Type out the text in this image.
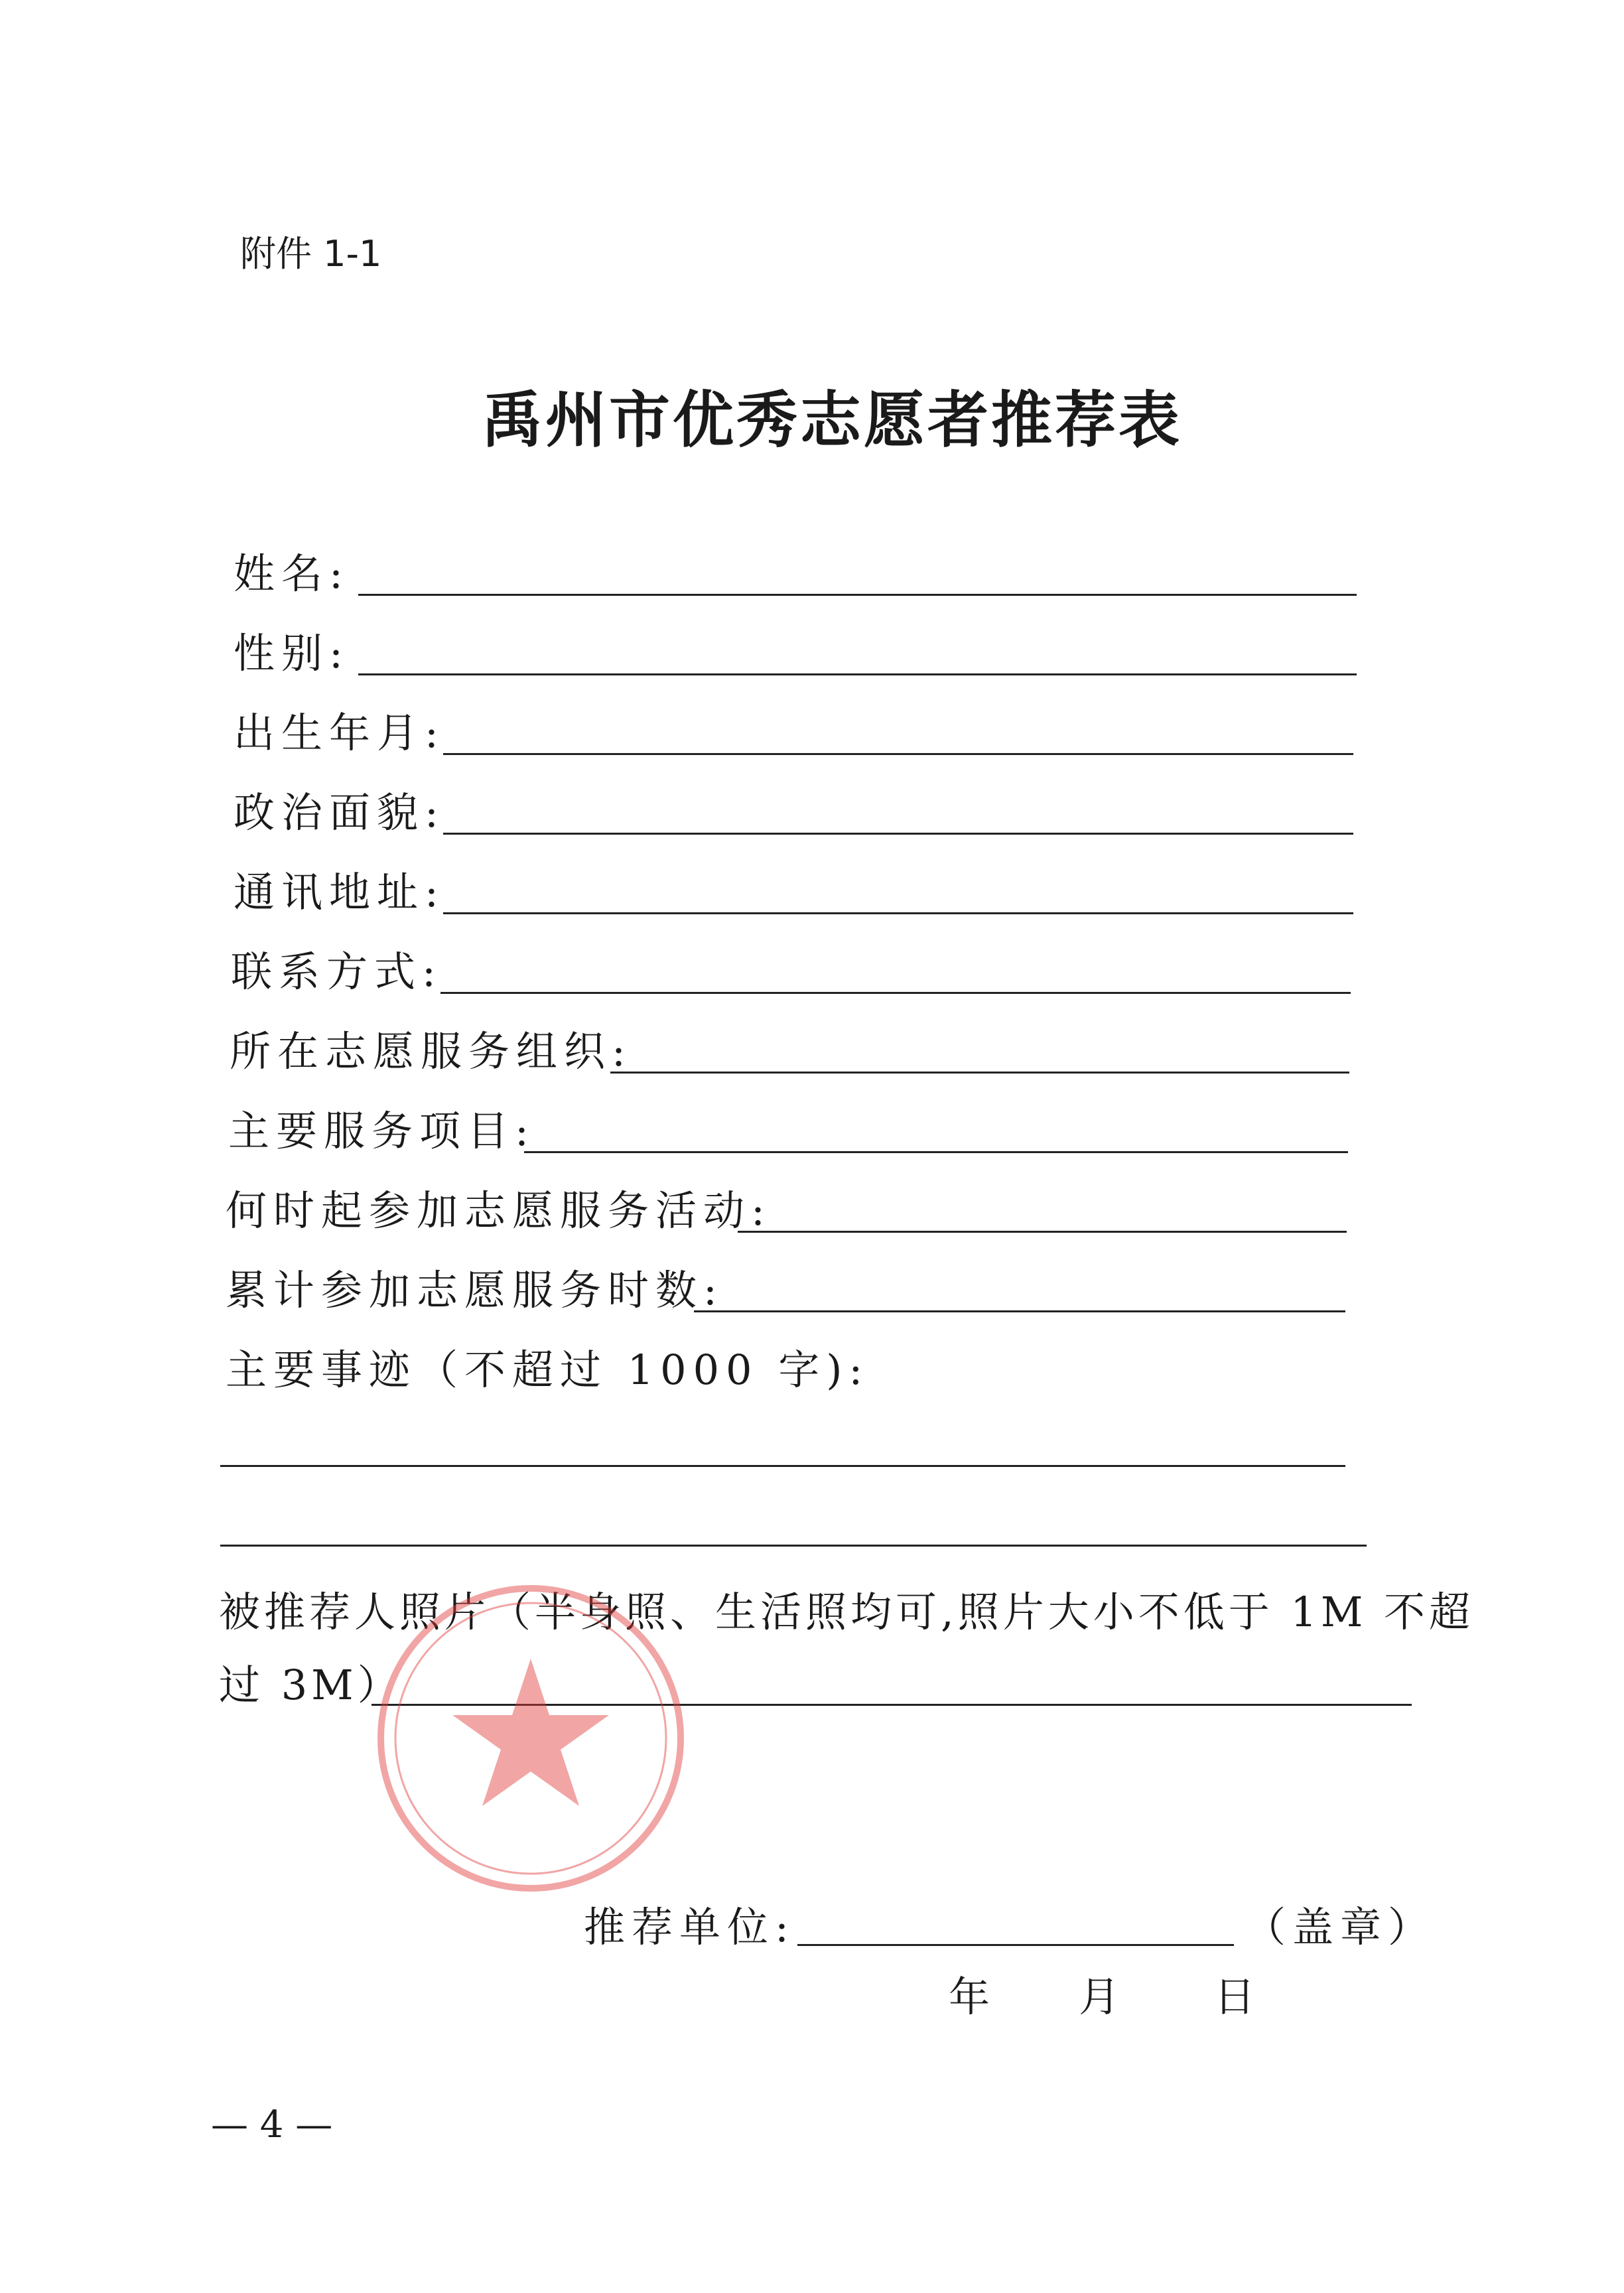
附件 1-1
禹州市优秀志愿者推荐表
姓名:
性别:
出生年月:
政治面貌:
通讯地址:
联系方式:
所在志愿服务组织:
主要服务项目:
何时起参加志愿服务活动:
累计参加志愿服务时数:
主要事迹（不超过 1000 字):
被推荐人照片（半身照、生活照均可,照片大小不低于 1M 不超
过 3M）
推荐单位:	（盖章）
年 月 日
— 4 —
